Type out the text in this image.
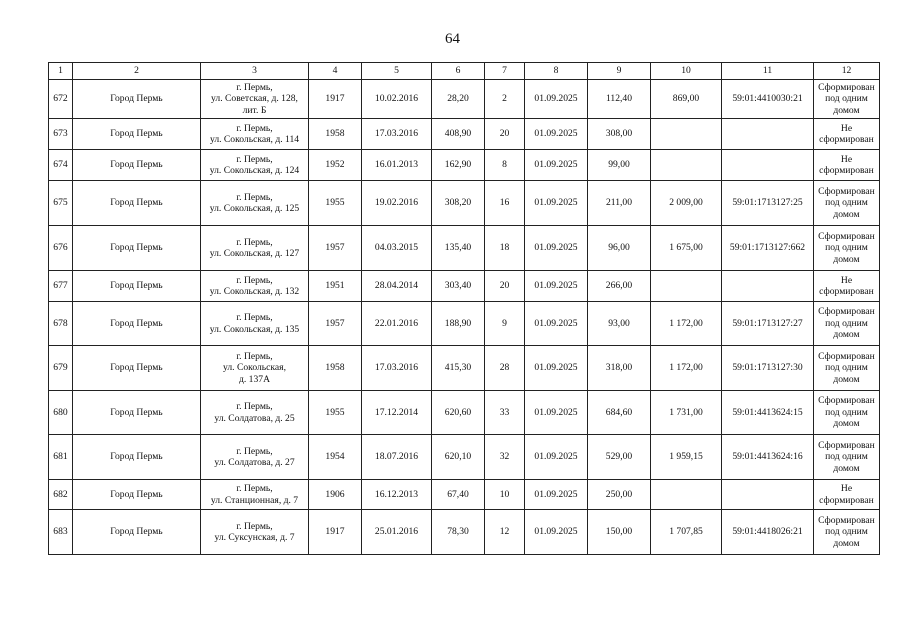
64
1	2	3	4	5	6	7	8	9	10	11	12
672	Город Пермь	г. Пермь,
ул. Советская, д. 128,
лит. Б	1917	10.02.2016	28,20	2	01.09.2025	112,40	869,00	59:01:4410030:21	Сформирован
под одним
домом

673	Город Пермь	г. Пермь,
ул. Сокольская, д. 114	1958	17.03.2016	408,90	20	01.09.2025	308,00			Не
сформирован

674	Город Пермь	г. Пермь,
ул. Сокольская, д. 124	1952	16.01.2013	162,90	8	01.09.2025	99,00			Не
сформирован

675	Город Пермь	г. Пермь,
ул. Сокольская, д. 125	1955	19.02.2016	308,20	16	01.09.2025	211,00	2 009,00	59:01:1713127:25	Сформирован
под одним
домом

676	Город Пермь	г. Пермь,
ул. Сокольская, д. 127	1957	04.03.2015	135,40	18	01.09.2025	96,00	1 675,00	59:01:1713127:662	Сформирован
под одним
домом

677	Город Пермь	г. Пермь,
ул. Сокольская, д. 132	1951	28.04.2014	303,40	20	01.09.2025	266,00			Не
сформирован

678	Город Пермь	г. Пермь,
ул. Сокольская, д. 135	1957	22.01.2016	188,90	9	01.09.2025	93,00	1 172,00	59:01:1713127:27	Сформирован
под одним
домом

679	Город Пермь	г. Пермь,
ул. Сокольская,
д. 137А	1958	17.03.2016	415,30	28	01.09.2025	318,00	1 172,00	59:01:1713127:30	Сформирован
под одним
домом

680	Город Пермь	г. Пермь,
ул. Солдатова, д. 25	1955	17.12.2014	620,60	33	01.09.2025	684,60	1 731,00	59:01:4413624:15	Сформирован
под одним
домом

681	Город Пермь	г. Пермь,
ул. Солдатова, д. 27	1954	18.07.2016	620,10	32	01.09.2025	529,00	1 959,15	59:01:4413624:16	Сформирован
под одним
домом

682	Город Пермь	г. Пермь,
ул. Станционная, д. 7	1906	16.12.2013	67,40	10	01.09.2025	250,00			Не
сформирован

683	Город Пермь	г. Пермь,
ул. Суксунская, д. 7	1917	25.01.2016	78,30	12	01.09.2025	150,00	1 707,85	59:01:4418026:21	Сформирован
под одним
домом
